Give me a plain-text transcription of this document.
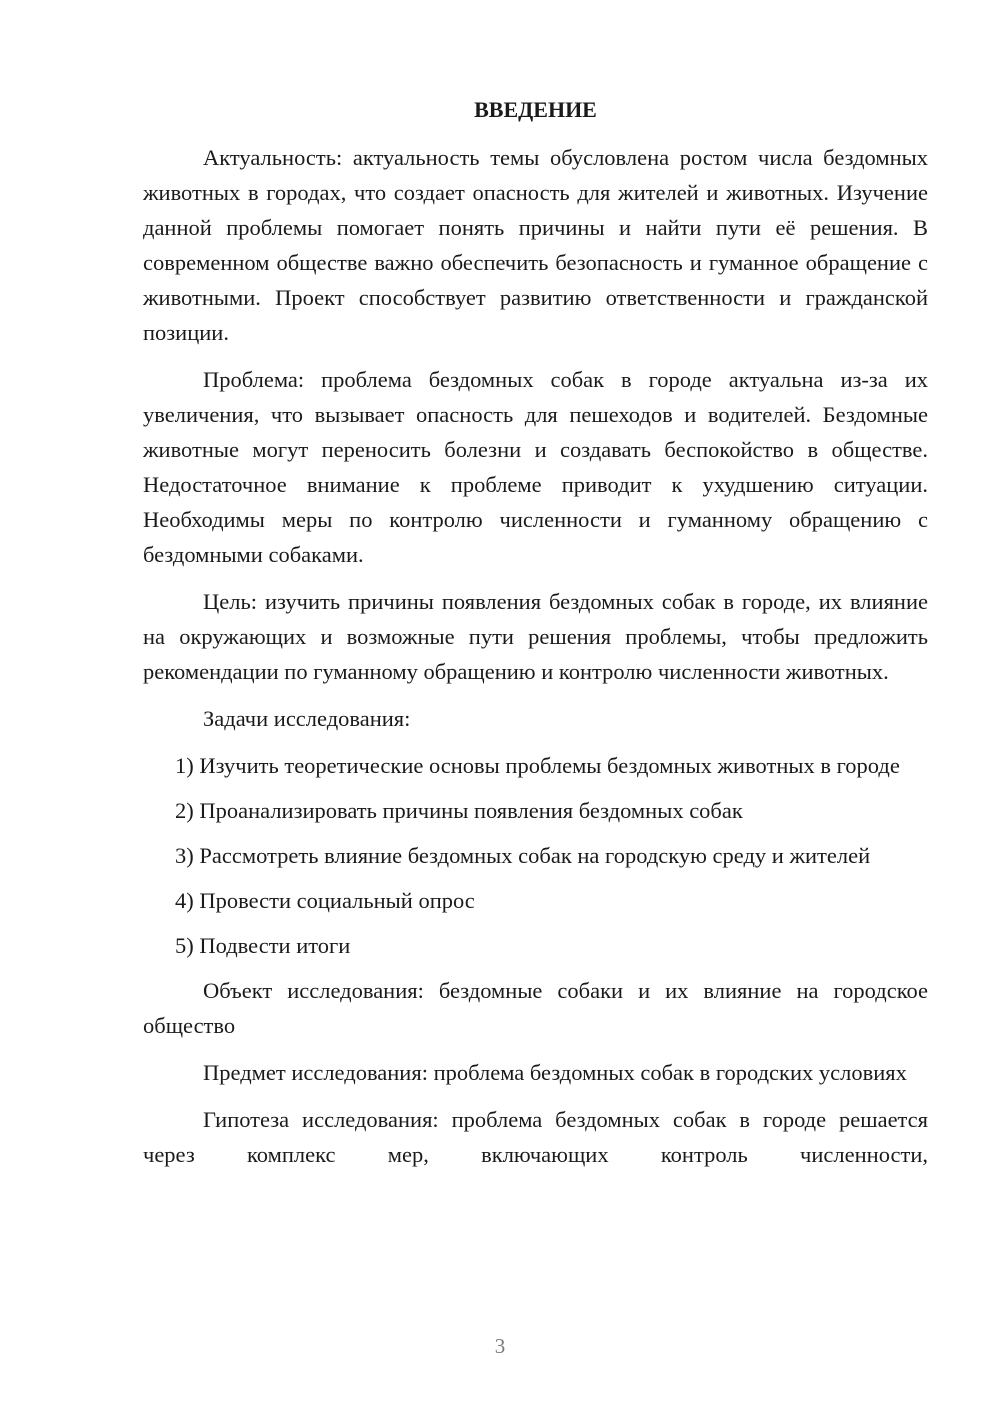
ВВЕДЕНИЕ

Актуальность: актуальность темы обусловлена ростом числа бездомных животных в городах, что создает опасность для жителей и животных. Изучение данной проблемы помогает понять причины и найти пути её решения. В современном обществе важно обеспечить безопасность и гуманное обращение с животными. Проект способствует развитию ответственности и гражданской позиции.

Проблема: проблема бездомных собак в городе актуальна из-за их увеличения, что вызывает опасность для пешеходов и водителей. Бездомные животные могут переносить болезни и создавать беспокойство в обществе. Недостаточное внимание к проблеме приводит к ухудшению ситуации. Необходимы меры по контролю численности и гуманному обращению с бездомными собаками.

Цель: изучить причины появления бездомных собак в городе, их влияние на окружающих и возможные пути решения проблемы, чтобы предложить рекомендации по гуманному обращению и контролю численности животных.

Задачи исследования:

1) Изучить теоретические основы проблемы бездомных животных в городе

2) Проанализировать причины появления бездомных собак

3) Рассмотреть влияние бездомных собак на городскую среду и жителей

4) Провести социальный опрос

5) Подвести итоги

Объект исследования: бездомные собаки и их влияние на городское общество

Предмет исследования: проблема бездомных собак в городских условиях

Гипотеза исследования: проблема бездомных собак в городе решается через комплекс мер, включающих контроль численности,

3
